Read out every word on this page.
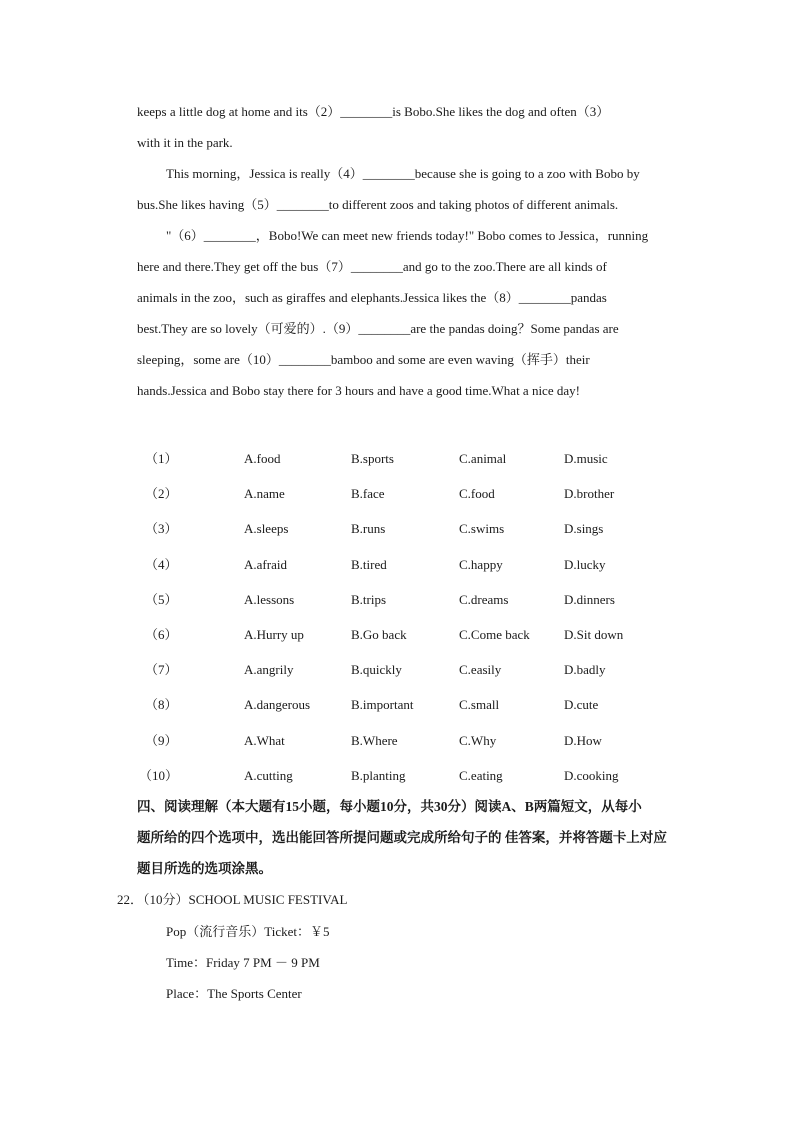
keeps a little dog at home and its（2）________is Bobo.She likes the dog and often（3）
with it in the park.
This morning，Jessica is really（4）________because she is going to a zoo with Bobo by
bus.She likes having（5）________to different zoos and taking photos of different animals.
"（6）________，Bobo!We can meet new friends today!" Bobo comes to Jessica，running
here and there.They get off the bus（7）________and go to the zoo.There are all kinds of
animals in the zoo，such as giraffes and elephants.Jessica likes the（8）________pandas
best.They are so lovely（可爱的）.（9）________are the pandas doing？Some pandas are
sleeping，some are（10）________bamboo and some are even waving（挥手）their
hands.Jessica and Bobo stay there for 3 hours and have a good time.What a nice day!
（1）	A.food	B.sports	C.animal	D.music
（2）	A.name	B.face	C.food	D.brother
（3）	A.sleeps	B.runs	C.swims	D.sings
（4）	A.afraid	B.tired	C.happy	D.lucky
（5）	A.lessons	B.trips	C.dreams	D.dinners
（6）	A.Hurry up	B.Go back	C.Come back	D.Sit down
（7）	A.angrily	B.quickly	C.easily	D.badly
（8）	A.dangerous	B.important	C.small	D.cute
（9）	A.What	B.Where	C.Why	D.How
（10）	A.cutting	B.planting	C.eating	D.cooking
四、阅读理解（本大题有15小题，每小题10分，共30分）阅读A、B两篇短文，从每小
题所给的四个选项中，选出能回答所提问题或完成所给句子的 佳答案，并将答题卡上对应
题目所选的选项涂黑。
22．（10分）SCHOOL MUSIC FESTIVAL
Pop（流行音乐）Ticket：￥5
Time：Friday 7 PM － 9 PM
Place：The Sports Center
